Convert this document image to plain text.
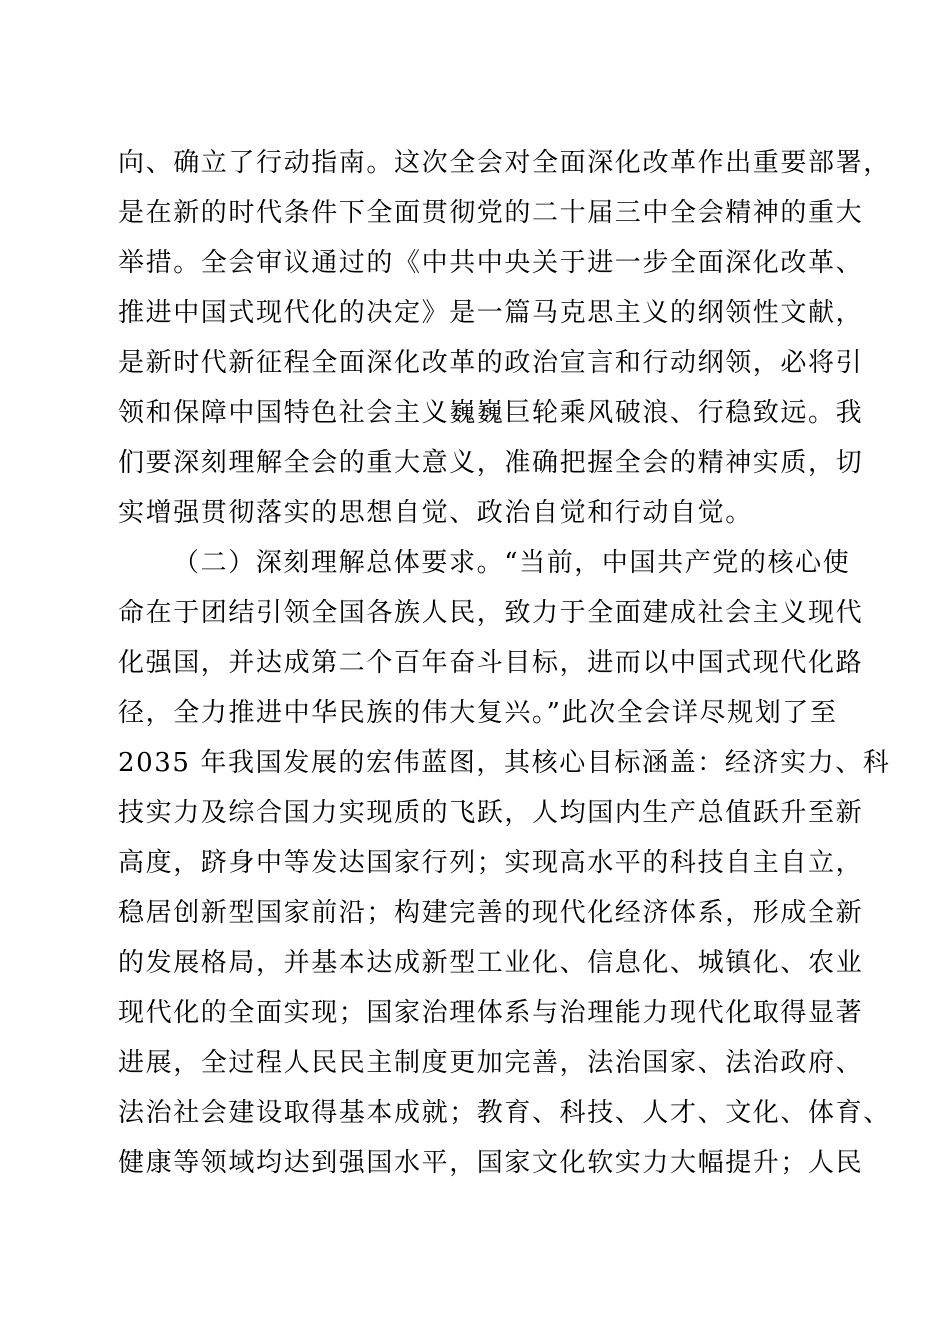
向、确立了行动指南。这次全会对全面深化改革作出重要部署，
是在新的时代条件下全面贯彻党的二十届三中全会精神的重大
举措。全会审议通过的《中共中央关于进一步全面深化改革、
推进中国式现代化的决定》是一篇马克思主义的纲领性文献，
是新时代新征程全面深化改革的政治宣言和行动纲领，必将引
领和保障中国特色社会主义巍巍巨轮乘风破浪、行稳致远。我
们要深刻理解全会的重大意义，准确把握全会的精神实质，切
实增强贯彻落实的思想自觉、政治自觉和行动自觉。
（二）深刻理解总体要求。“当前，中国共产党的核心使
命在于团结引领全国各族人民，致力于全面建成社会主义现代
化强国，并达成第二个百年奋斗目标，进而以中国式现代化路
径，全力推进中华民族的伟大复兴。”此次全会详尽规划了至
2035 年我国发展的宏伟蓝图，其核心目标涵盖：经济实力、科
技实力及综合国力实现质的飞跃，人均国内生产总值跃升至新
高度，跻身中等发达国家行列；实现高水平的科技自主自立，
稳居创新型国家前沿；构建完善的现代化经济体系，形成全新
的发展格局，并基本达成新型工业化、信息化、城镇化、农业
现代化的全面实现；国家治理体系与治理能力现代化取得显著
进展，全过程人民民主制度更加完善，法治国家、法治政府、
法治社会建设取得基本成就；教育、科技、人才、文化、体育、
健康等领域均达到强国水平，国家文化软实力大幅提升；人民
